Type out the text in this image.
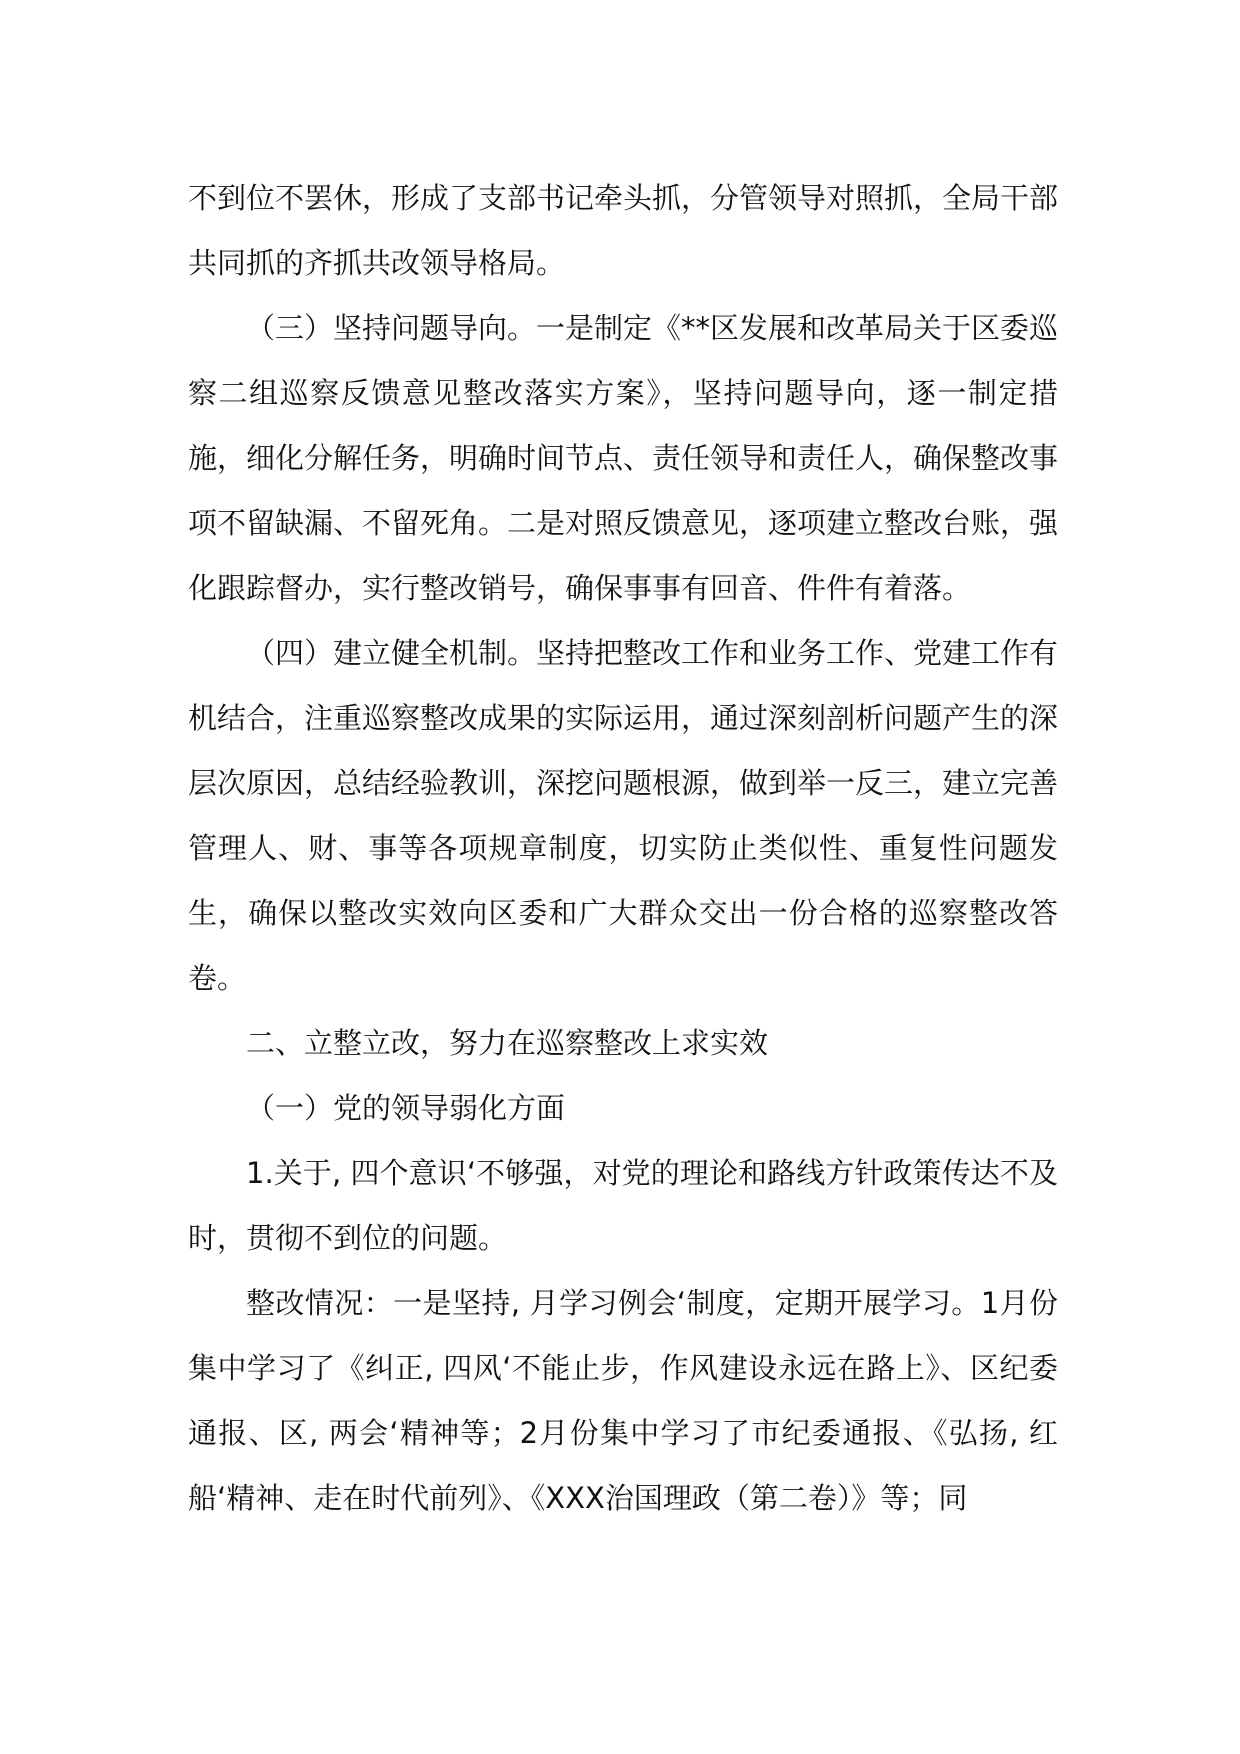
不到位不罢休，形成了支部书记牵头抓，分管领导对照抓，全局干部共同抓的齐抓共改领导格局。

（三）坚持问题导向。一是制定《**区发展和改革局关于区委巡察二组巡察反馈意见整改落实方案》，坚持问题导向，逐一制定措施，细化分解任务，明确时间节点、责任领导和责任人，确保整改事项不留缺漏、不留死角。二是对照反馈意见，逐项建立整改台账，强化跟踪督办，实行整改销号，确保事事有回音、件件有着落。

（四）建立健全机制。坚持把整改工作和业务工作、党建工作有机结合，注重巡察整改成果的实际运用，通过深刻剖析问题产生的深层次原因，总结经验教训，深挖问题根源，做到举一反三，建立完善管理人、财、事等各项规章制度，切实防止类似性、重复性问题发生，确保以整改实效向区委和广大群众交出一份合格的巡察整改答卷。

二、立整立改，努力在巡察整改上求实效

（一）党的领导弱化方面

1.关于, 四个意识‘不够强，对党的理论和路线方针政策传达不及时，贯彻不到位的问题。

整改情况：一是坚持, 月学习例会‘制度，定期开展学习。1月份集中学习了《纠正, 四风‘不能止步，作风建设永远在路上》、区纪委通报、区, 两会‘精神等；2月份集中学习了市纪委通报、《弘扬, 红船‘精神、走在时代前列》、《XXX治国理政（第二卷）》等；同
